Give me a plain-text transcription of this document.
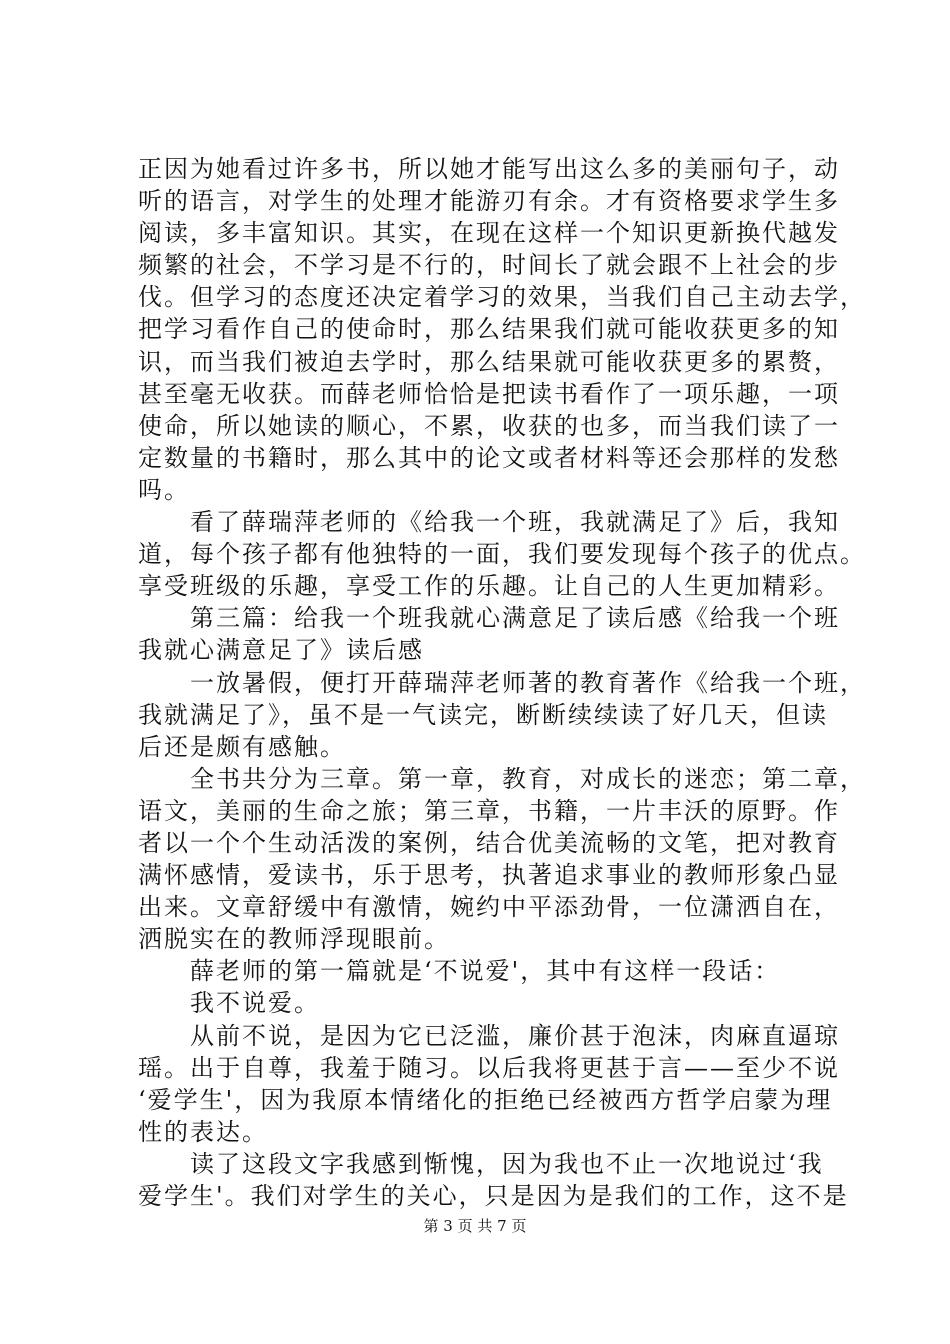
正因为她看过许多书，所以她才能写出这么多的美丽句子，动
听的语言，对学生的处理才能游刃有余。才有资格要求学生多
阅读，多丰富知识。其实，在现在这样一个知识更新换代越发
频繁的社会，不学习是不行的，时间长了就会跟不上社会的步
伐。但学习的态度还决定着学习的效果，当我们自己主动去学，
把学习看作自己的使命时，那么结果我们就可能收获更多的知
识，而当我们被迫去学时，那么结果就可能收获更多的累赘，
甚至毫无收获。而薛老师恰恰是把读书看作了一项乐趣，一项
使命，所以她读的顺心，不累，收获的也多，而当我们读了一
定数量的书籍时，那么其中的论文或者材料等还会那样的发愁
吗。
　　看了薛瑞萍老师的《给我一个班，我就满足了》后，我知
道，每个孩子都有他独特的一面，我们要发现每个孩子的优点。
享受班级的乐趣，享受工作的乐趣。让自己的人生更加精彩。
　　第三篇：给我一个班我就心满意足了读后感《给我一个班
我就心满意足了》读后感
　　一放暑假，便打开薛瑞萍老师著的教育著作《给我一个班，
我就满足了》，虽不是一气读完，断断续续读了好几天，但读
后还是颇有感触。
　　全书共分为三章。第一章，教育，对成长的迷恋；第二章，
语文，美丽的生命之旅；第三章，书籍，一片丰沃的原野。作
者以一个个生动活泼的案例，结合优美流畅的文笔，把对教育
满怀感情，爱读书，乐于思考，执著追求事业的教师形象凸显
出来。文章舒缓中有激情，婉约中平添劲骨，一位潇洒自在，
洒脱实在的教师浮现眼前。
　　薛老师的第一篇就是‘不说爱'，其中有这样一段话：
　　我不说爱。
　　从前不说，是因为它已泛滥，廉价甚于泡沫，肉麻直逼琼
瑶。出于自尊，我羞于随习。以后我将更甚于言——至少不说
‘爱学生'，因为我原本情绪化的拒绝已经被西方哲学启蒙为理
性的表达。
　　读了这段文字我感到惭愧，因为我也不止一次地说过‘我
爱学生'。我们对学生的关心，只是因为是我们的工作，这不是
第 3 页 共 7 页
